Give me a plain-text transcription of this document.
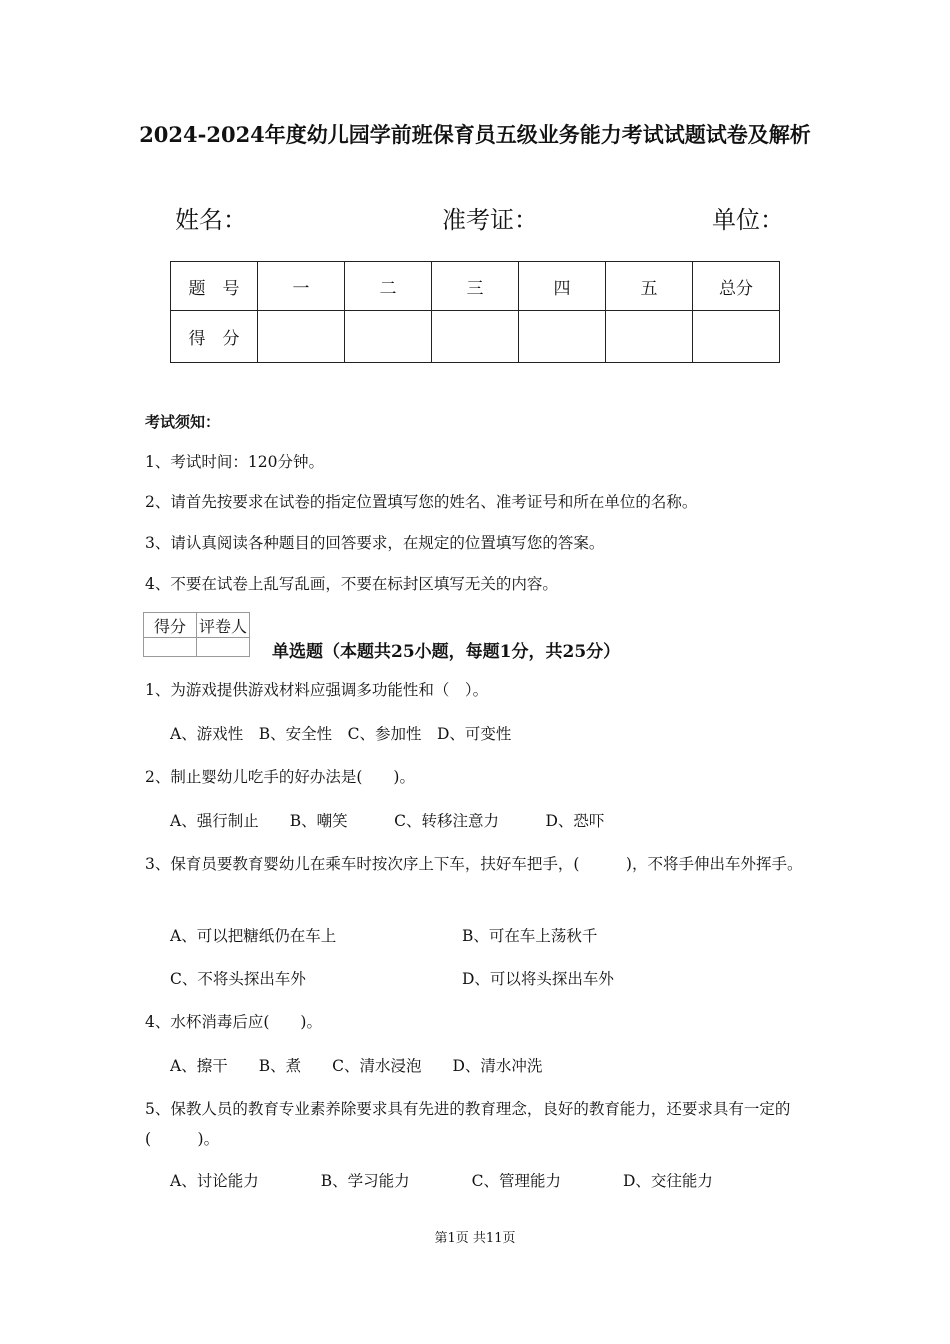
2024-2024年度幼儿园学前班保育员五级业务能力考试试题试卷及解析
姓名：	准考证：	单位：
题　号	一	二	三	四	五	总分
得　分						
考试须知：
1、考试时间：120分钟。
2、请首先按要求在试卷的指定位置填写您的姓名、准考证号和所在单位的名称。
3、请认真阅读各种题目的回答要求，在规定的位置填写您的答案。
4、不要在试卷上乱写乱画，不要在标封区填写无关的内容。
得分	评卷人

单选题（本题共25小题，每题1分，共25分）
1、为游戏提供游戏材料应强调多功能性和（　）。
A、游戏性　B、安全性　C、参加性　D、可变性
2、制止婴幼儿吃手的好办法是(　　)。
A、强行制止　　B、嘲笑　　　C、转移注意力　　　D、恐吓
3、保育员要教育婴幼儿在乘车时按次序上下车，扶好车把手，(　　　)，不将手伸出车外挥手。
A、可以把糖纸仍在车上	B、可在车上荡秋千
C、不将头探出车外	D、可以将头探出车外
4、水杯消毒后应(　　)。
A、擦干　　B、煮　　C、清水浸泡　　D、清水冲洗
5、保教人员的教育专业素养除要求具有先进的教育理念，良好的教育能力，还要求具有一定的(　　　)。
A、讨论能力　　　　B、学习能力　　　　C、管理能力　　　　D、交往能力
第1页 共11页
